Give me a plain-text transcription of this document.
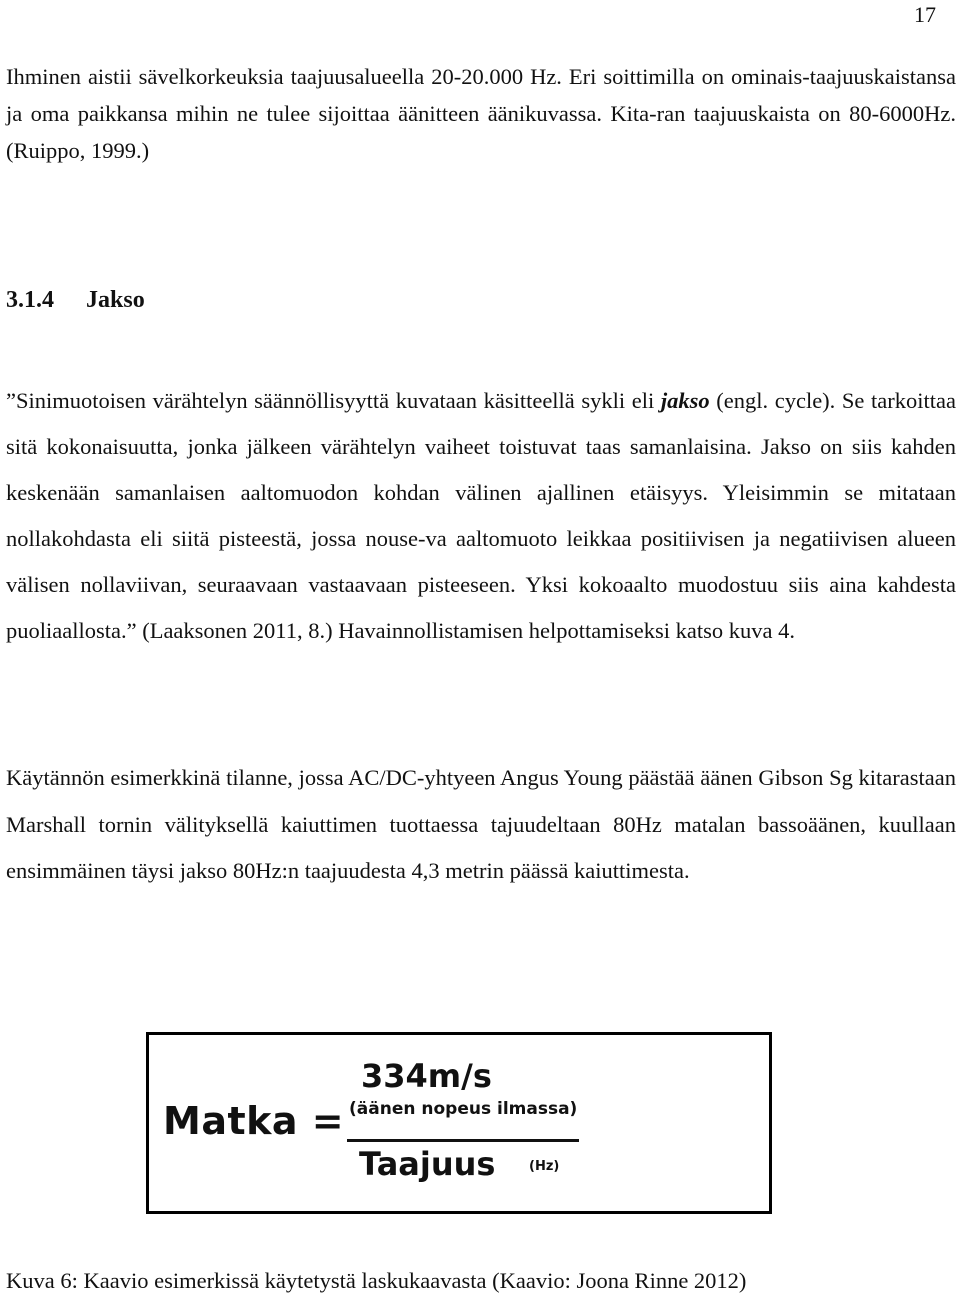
17

Ihminen aistii sävelkorkeuksia taajuusalueella 20-20.000 Hz. Eri soittimilla on ominais-taajuuskaistansa ja oma paikkansa mihin ne tulee sijoittaa äänitteen äänikuvassa. Kita-ran taajuuskaista on 80-6000Hz. (Ruippo, 1999.)

3.1.4 Jakso

”Sinimuotoisen värähtelyn säännöllisyyttä kuvataan käsitteellä sykli eli jakso (engl. cycle). Se tarkoittaa sitä kokonaisuutta, jonka jälkeen värähtelyn vaiheet toistuvat taas samanlaisina. Jakso on siis kahden keskenään samanlaisen aaltomuodon kohdan välinen ajallinen etäisyys. Yleisimmin se mitataan nollakohdasta eli siitä pisteestä, jossa nouse-va aaltomuoto leikkaa positiivisen ja negatiivisen alueen välisen nollaviivan, seuraavaan vastaavaan pisteeseen. Yksi kokoaalto muodostuu siis aina kahdesta puoliaallosta.” (Laaksonen 2011, 8.) Havainnollistamisen helpottamiseksi katso kuva 4.

Käytännön esimerkkinä tilanne, jossa AC/DC-yhtyeen Angus Young päästää äänen Gibson Sg kitarastaan Marshall tornin välityksellä kaiuttimen tuottaessa tajuudeltaan 80Hz matalan bassoäänen, kuullaan ensimmäinen täysi jakso 80Hz:n taajuudesta 4,3 metrin päässä kaiuttimesta.

Matka =
334m/s
(äänen nopeus ilmassa)
Taajuus	(Hz)

Kuva 6: Kaavio esimerkissä käytetystä laskukaavasta (Kaavio: Joona Rinne 2012)
